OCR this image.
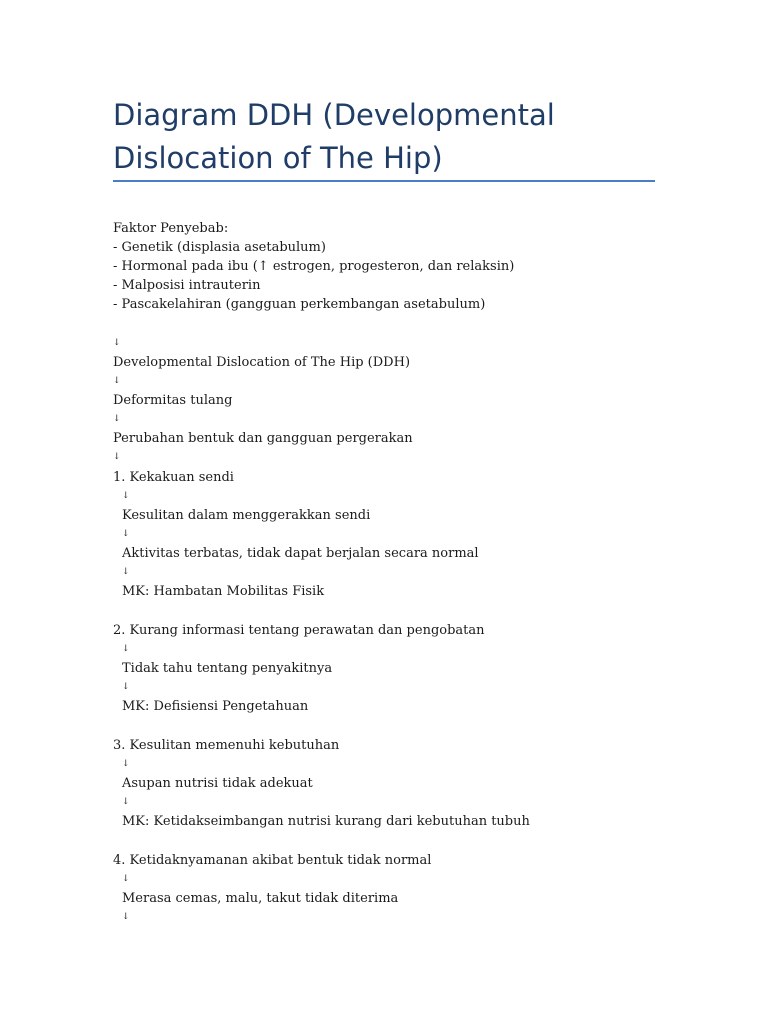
Diagram DDH (Developmental Dislocation of The Hip)
Faktor Penyebab:
- Genetik (displasia asetabulum)
- Hormonal pada ibu (↑ estrogen, progesteron, dan relaksin)
- Malposisi intrauterin
- Pascakelahiran (gangguan perkembangan asetabulum)
↓
Developmental Dislocation of The Hip (DDH)
↓
Deformitas tulang
↓
Perubahan bentuk dan gangguan pergerakan
↓
1. Kekakuan sendi
↓
Kesulitan dalam menggerakkan sendi
↓
Aktivitas terbatas, tidak dapat berjalan secara normal
↓
MK: Hambatan Mobilitas Fisik
2. Kurang informasi tentang perawatan dan pengobatan
↓
Tidak tahu tentang penyakitnya
↓
MK: Defisiensi Pengetahuan
3. Kesulitan memenuhi kebutuhan
↓
Asupan nutrisi tidak adekuat
↓
MK: Ketidakseimbangan nutrisi kurang dari kebutuhan tubuh
4. Ketidaknyamanan akibat bentuk tidak normal
↓
Merasa cemas, malu, takut tidak diterima
↓
